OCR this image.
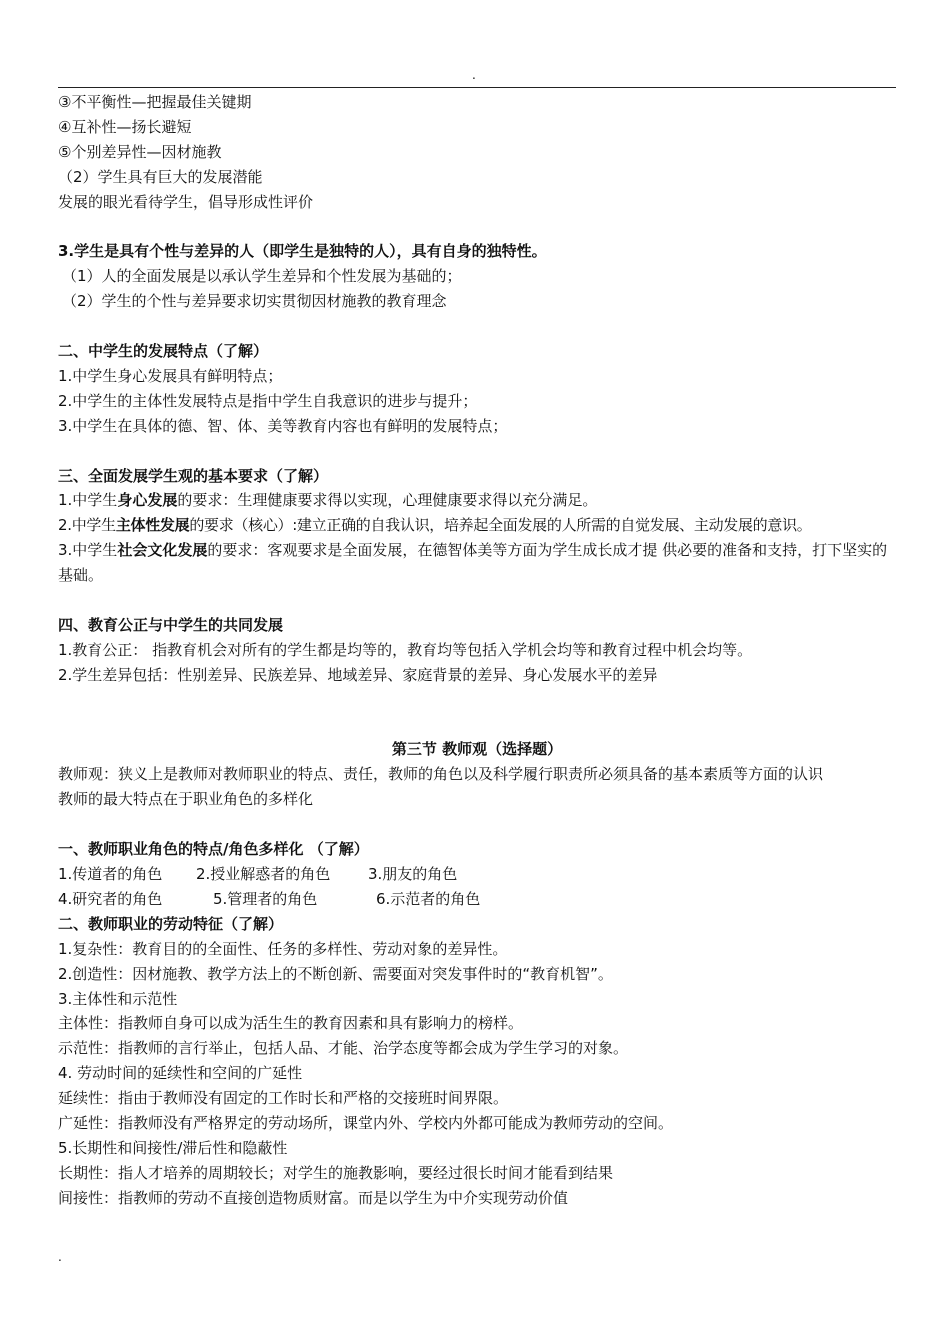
.
③不平衡性—把握最佳关键期
④互补性—扬长避短
⑤个别差异性—因材施教
（2）学生具有巨大的发展潜能
发展的眼光看待学生，倡导形成性评价
3.学生是具有个性与差异的人（即学生是独特的人），具有自身的独特性。
（1）人的全面发展是以承认学生差异和个性发展为基础的；
（2）学生的个性与差异要求切实贯彻因材施教的教育理念
二、中学生的发展特点（了解）
1.中学生身心发展具有鲜明特点；
2.中学生的主体性发展特点是指中学生自我意识的进步与提升；
3.中学生在具体的德、智、体、美等教育内容也有鲜明的发展特点；
三、全面发展学生观的基本要求（了解）
1.中学生身心发展的要求：生理健康要求得以实现，心理健康要求得以充分满足。
2.中学生主体性发展的要求（核心）:建立正确的自我认识，培养起全面发展的人所需的自觉发展、主动发展的意识。
3.中学生社会文化发展的要求：客观要求是全面发展，在德智体美等方面为学生成长成才提 供必要的准备和支持，打下坚实的基础。
四、教育公正与中学生的共同发展
1.教育公正： 指教育机会对所有的学生都是均等的，教育均等包括入学机会均等和教育过程中机会均等。
2.学生差异包括：性别差异、民族差异、地域差异、家庭背景的差异、身心发展水平的差异
第三节 教师观（选择题）
教师观：狭义上是教师对教师职业的特点、责任，教师的角色以及科学履行职责所必须具备的基本素质等方面的认识
教师的最大特点在于职业角色的多样化
一、教师职业角色的特点/角色多样化 （了解）
1.传道者的角色 2.授业解惑者的角色	3.朋友的角色
4.研究者的角色	5.管理者的角色	6.示范者的角色
二、教师职业的劳动特征（了解）
1.复杂性：教育目的的全面性、任务的多样性、劳动对象的差异性。
2.创造性：因材施教、教学方法上的不断创新、需要面对突发事件时的“教育机智”。
3.主体性和示范性
主体性：指教师自身可以成为活生生的教育因素和具有影响力的榜样。
示范性：指教师的言行举止，包括人品、才能、治学态度等都会成为学生学习的对象。
4. 劳动时间的延续性和空间的广延性
延续性：指由于教师没有固定的工作时长和严格的交接班时间界限。
广延性：指教师没有严格界定的劳动场所，课堂内外、学校内外都可能成为教师劳动的空间。
5.长期性和间接性/滞后性和隐蔽性
长期性：指人才培养的周期较长；对学生的施教影响，要经过很长时间才能看到结果
间接性：指教师的劳动不直接创造物质财富。而是以学生为中介实现劳动价值
.
